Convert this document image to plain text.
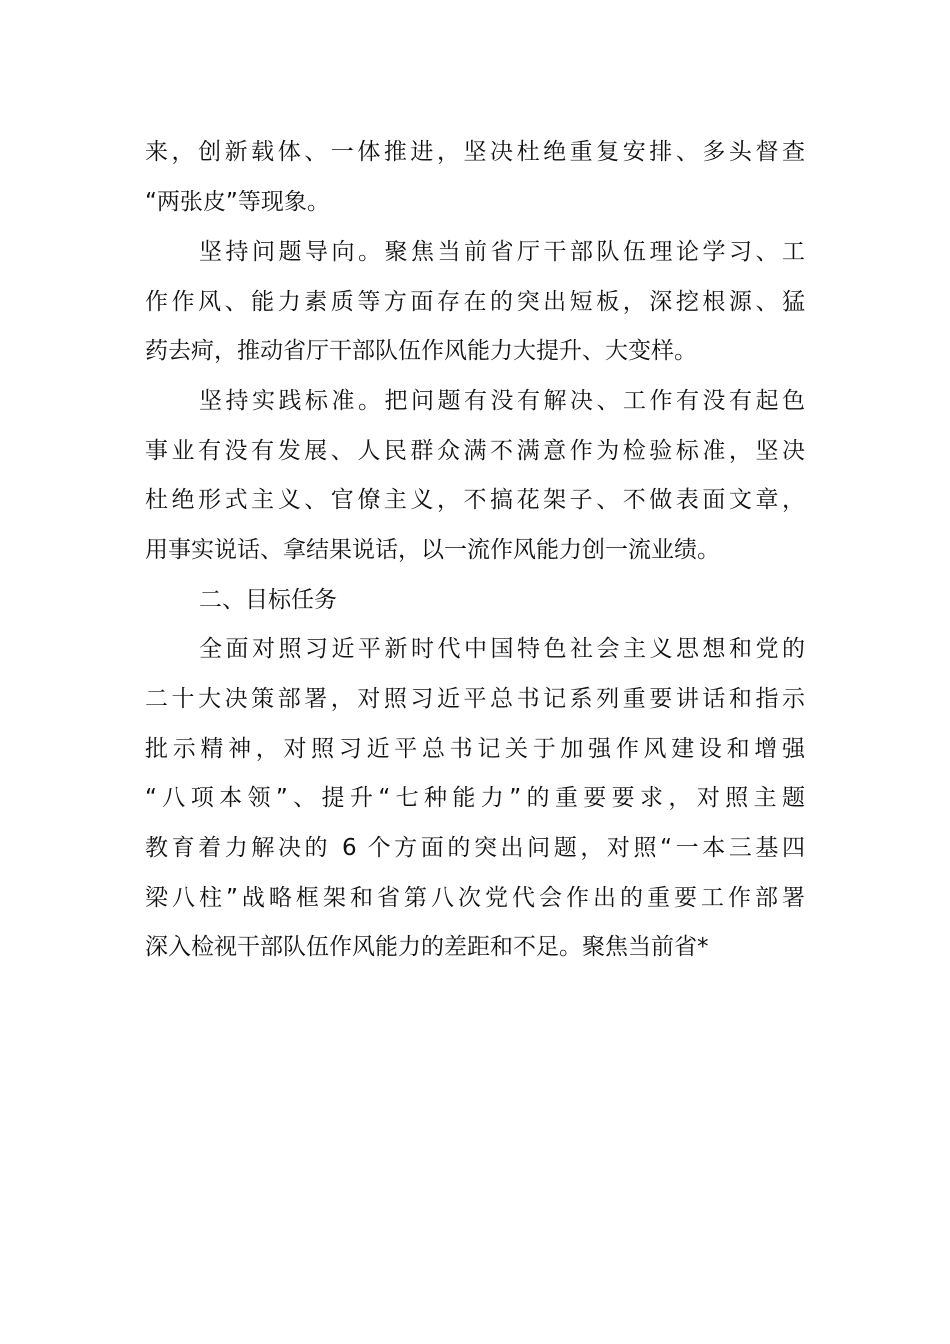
来，创新载体、一体推进，坚决杜绝重复安排、多头督查
“两张皮”等现象。
坚持问题导向。聚焦当前省厅干部队伍理论学习、工
作作风、能力素质等方面存在的突出短板，深挖根源、猛
药去疴，推动省厅干部队伍作风能力大提升、大变样。
坚持实践标准。把问题有没有解决、工作有没有起色
事业有没有发展、人民群众满不满意作为检验标准，坚决
杜绝形式主义、官僚主义，不搞花架子、不做表面文章，
用事实说话、拿结果说话，以一流作风能力创一流业绩。
二、目标任务
全面对照习近平新时代中国特色社会主义思想和党的
二十大决策部署，对照习近平总书记系列重要讲话和指示
批示精神，对照习近平总书记关于加强作风建设和增强
“八项本领”、提升“七种能力”的重要要求，对照主题
教育着力解决的 6 个方面的突出问题，对照“一本三基四
梁八柱”战略框架和省第八次党代会作出的重要工作部署
深入检视干部队伍作风能力的差距和不足。聚焦当前省*
